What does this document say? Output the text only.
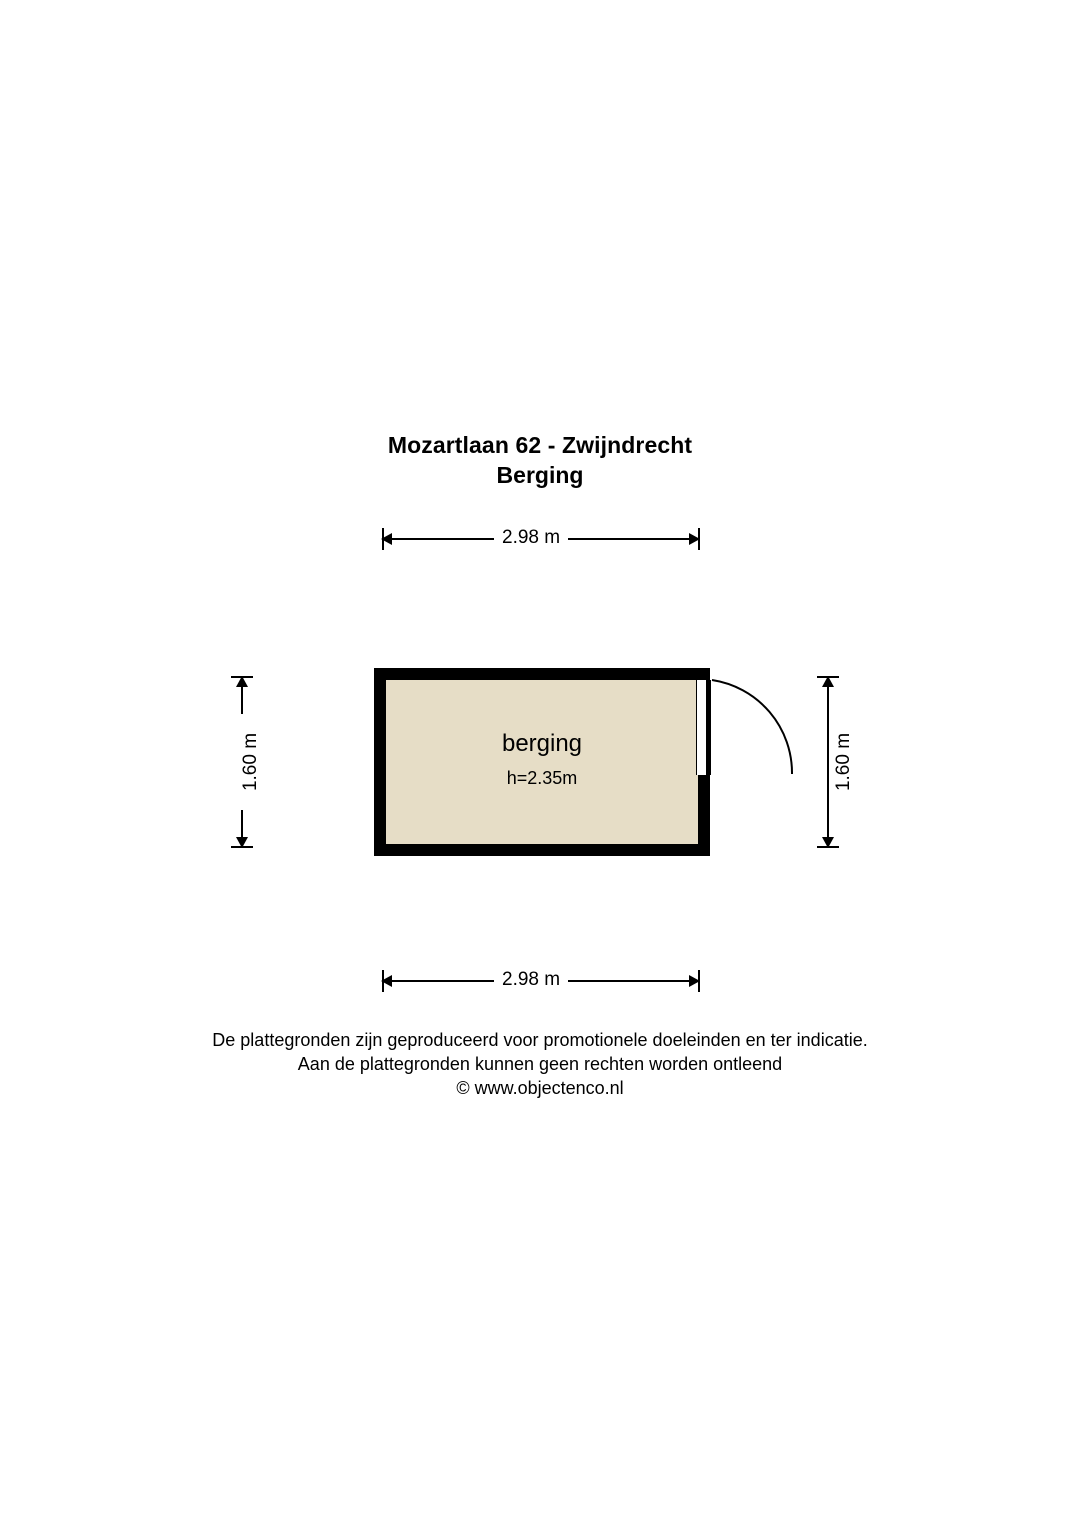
Mozartlaan 62 - Zwijndrecht
Berging
2.98 m
1.60 m	1.60 m
berging
h=2.35m
2.98 m
De plattegronden zijn geproduceerd voor promotionele doeleinden en ter indicatie.
Aan de plattegronden kunnen geen rechten worden ontleend
© www.objectenco.nl
